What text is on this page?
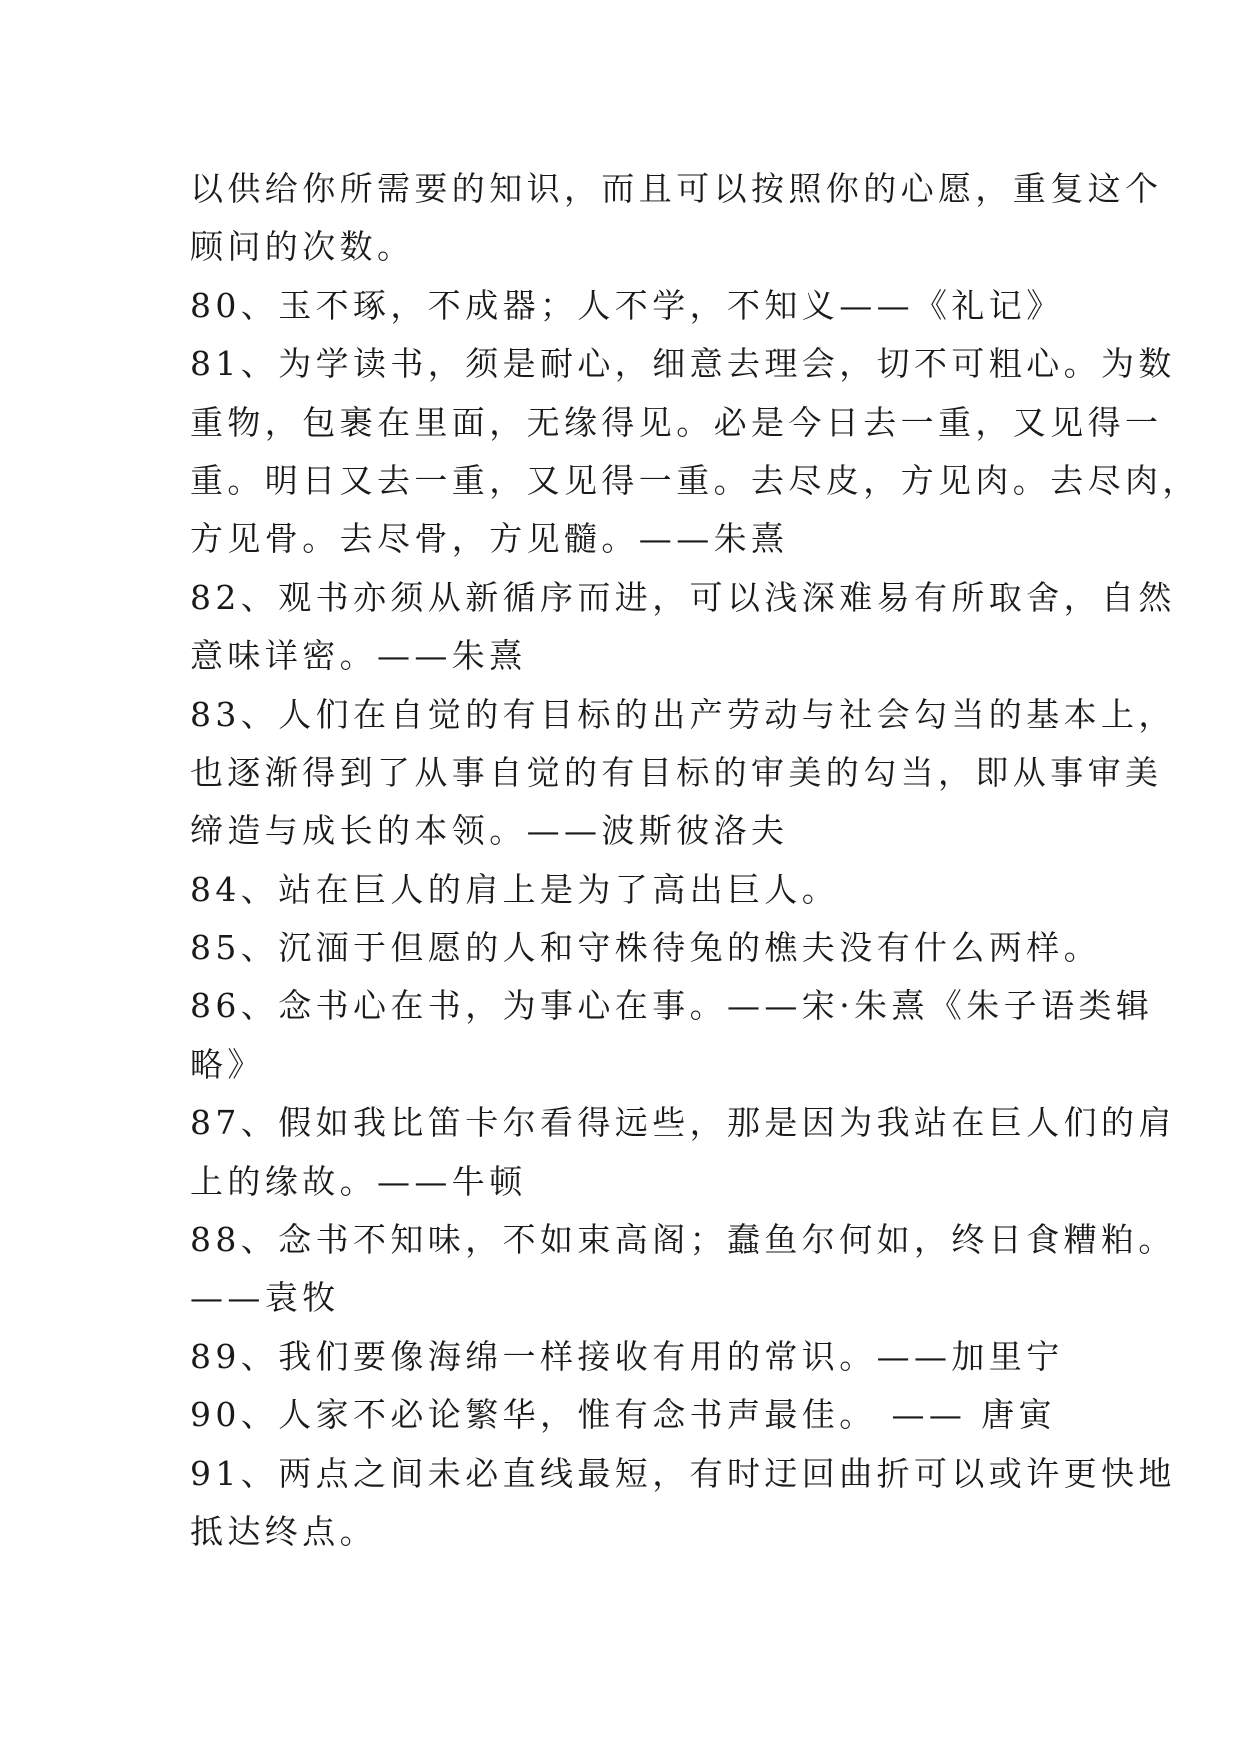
以供给你所需要的知识，而且可以按照你的心愿，重复这个
顾问的次数。
80、玉不琢，不成器；人不学，不知义——《礼记》
81、为学读书，须是耐心，细意去理会，切不可粗心。为数
重物，包裹在里面，无缘得见。必是今日去一重，又见得一
重。明日又去一重，又见得一重。去尽皮，方见肉。去尽肉，
方见骨。去尽骨，方见髓。——朱熹
82、观书亦须从新循序而进，可以浅深难易有所取舍，自然
意味详密。——朱熹
83、人们在自觉的有目标的出产劳动与社会勾当的基本上，
也逐渐得到了从事自觉的有目标的审美的勾当，即从事审美
缔造与成长的本领。——波斯彼洛夫
84、站在巨人的肩上是为了高出巨人。
85、沉湎于但愿的人和守株待兔的樵夫没有什么两样。
86、念书心在书，为事心在事。——宋·朱熹《朱子语类辑
略》
87、假如我比笛卡尔看得远些，那是因为我站在巨人们的肩
上的缘故。——牛顿
88、念书不知味，不如束高阁；蠢鱼尔何如，终日食糟粕。
——袁牧
89、我们要像海绵一样接收有用的常识。——加里宁
90、人家不必论繁华，惟有念书声最佳。 —— 唐寅
91、两点之间未必直线最短，有时迂回曲折可以或许更快地
抵达终点。
